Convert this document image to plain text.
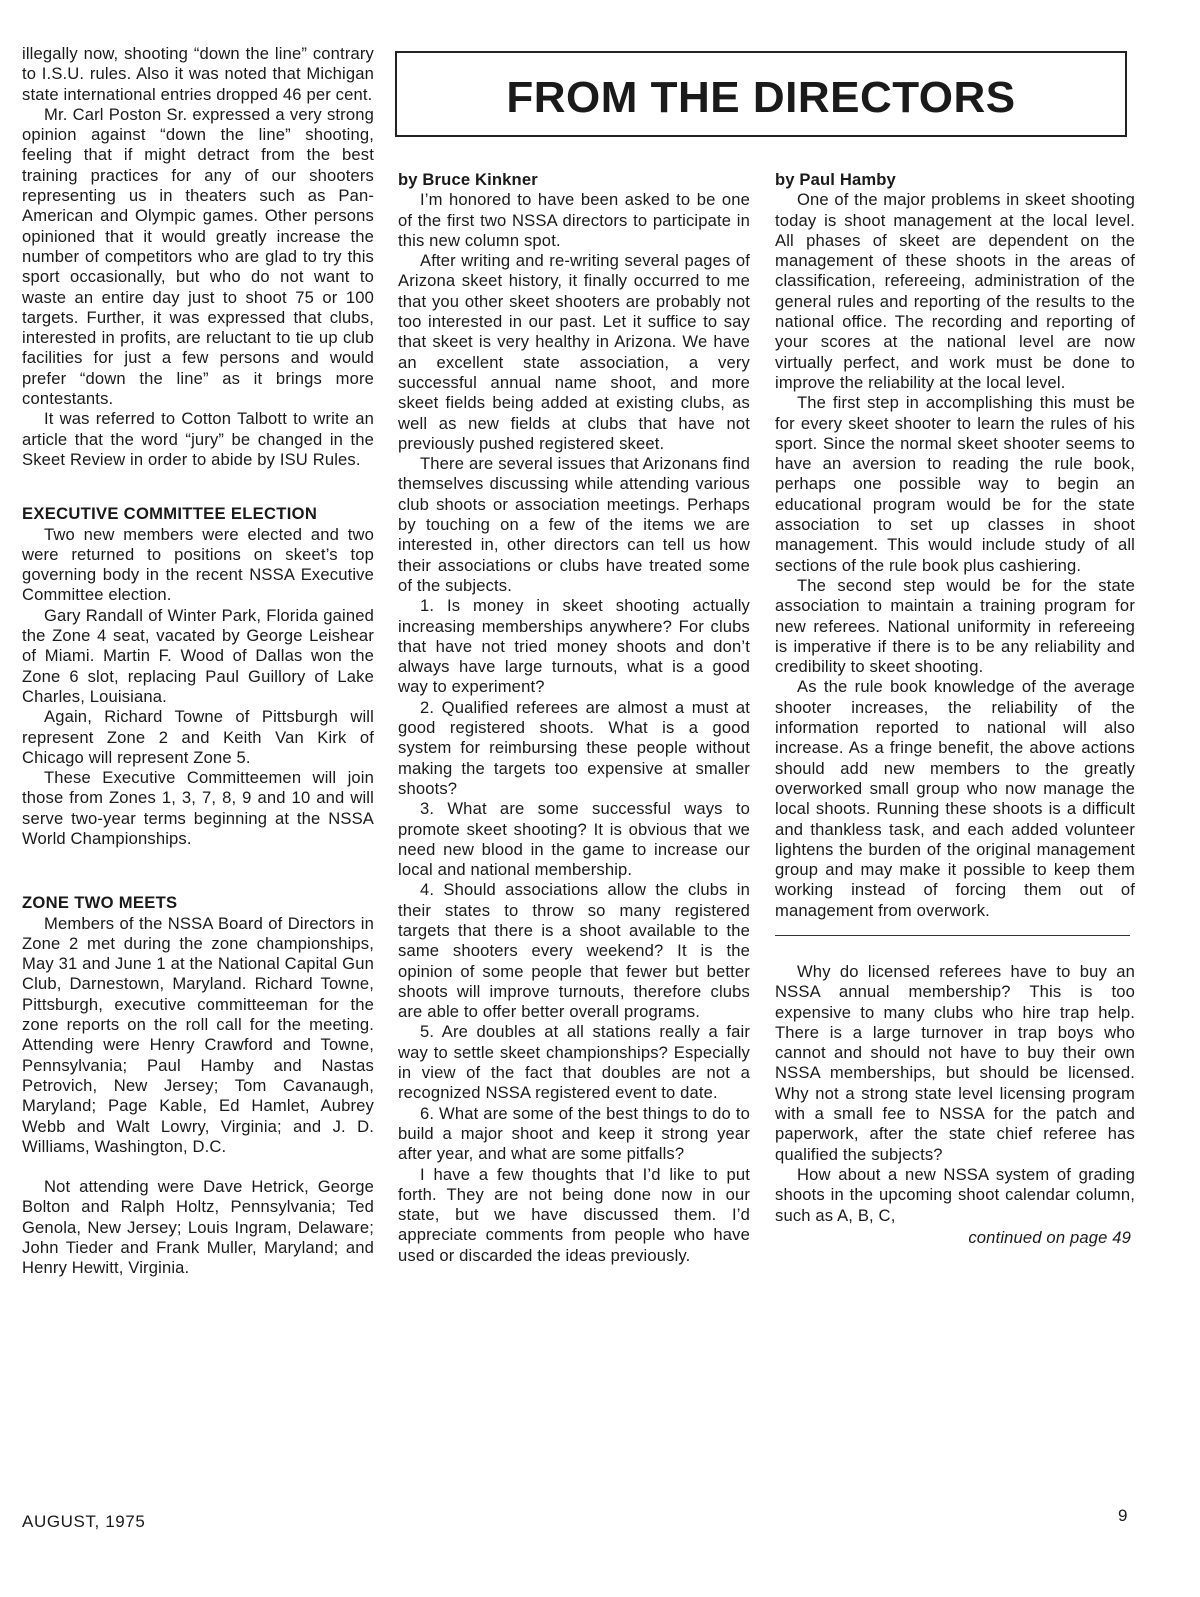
illegally now, shooting “down the line” contrary to I.S.U. rules. Also it was noted that Michigan state international entries dropped 46 per cent.

Mr. Carl Poston Sr. expressed a very strong opinion against “down the line” shooting, feeling that if might detract from the best training practices for any of our shooters representing us in theaters such as Pan-American and Olympic games. Other persons opinioned that it would greatly increase the number of competitors who are glad to try this sport occasionally, but who do not want to waste an entire day just to shoot 75 or 100 targets. Further, it was expressed that clubs, interested in profits, are reluctant to tie up club facilities for just a few persons and would prefer “down the line” as it brings more contestants.

It was referred to Cotton Talbott to write an article that the word “jury” be changed in the Skeet Review in order to abide by ISU Rules.

EXECUTIVE COMMITTEE ELECTION

Two new members were elected and two were returned to positions on skeet’s top governing body in the recent NSSA Executive Committee election.

Gary Randall of Winter Park, Florida gained the Zone 4 seat, vacated by George Leishear of Miami. Martin F. Wood of Dallas won the Zone 6 slot, replacing Paul Guillory of Lake Charles, Louisiana.

Again, Richard Towne of Pittsburgh will represent Zone 2 and Keith Van Kirk of Chicago will represent Zone 5.

These Executive Committeemen will join those from Zones 1, 3, 7, 8, 9 and 10 and will serve two-year terms beginning at the NSSA World Championships.

ZONE TWO MEETS

Members of the NSSA Board of Directors in Zone 2 met during the zone championships, May 31 and June 1 at the National Capital Gun Club, Darnestown, Maryland. Richard Towne, Pittsburgh, executive committeeman for the zone reports on the roll call for the meeting. Attending were Henry Crawford and Towne, Pennsylvania; Paul Hamby and Nastas Petrovich, New Jersey; Tom Cavanaugh, Maryland; Page Kable, Ed Hamlet, Aubrey Webb and Walt Lowry, Virginia; and J. D. Williams, Washington, D.C.

Not attending were Dave Hetrick, George Bolton and Ralph Holtz, Pennsylvania; Ted Genola, New Jersey; Louis Ingram, Delaware; John Tieder and Frank Muller, Maryland; and Henry Hewitt, Virginia.

FROM THE DIRECTORS
by Bruce Kinkner

I’m honored to have been asked to be one of the first two NSSA directors to participate in this new column spot.

After writing and re-writing several pages of Arizona skeet history, it finally occurred to me that you other skeet shooters are probably not too interested in our past. Let it suffice to say that skeet is very healthy in Arizona. We have an excellent state association, a very successful annual name shoot, and more skeet fields being added at existing clubs, as well as new fields at clubs that have not previously pushed registered skeet.

There are several issues that Arizonans find themselves discussing while attending various club shoots or association meetings. Perhaps by touching on a few of the items we are interested in, other directors can tell us how their associations or clubs have treated some of the subjects.

1. Is money in skeet shooting actually increasing memberships anywhere? For clubs that have not tried money shoots and don’t always have large turnouts, what is a good way to experiment?

2. Qualified referees are almost a must at good registered shoots. What is a good system for reimbursing these people without making the targets too expensive at smaller shoots?

3. What are some successful ways to promote skeet shooting? It is obvious that we need new blood in the game to increase our local and national membership.

4. Should associations allow the clubs in their states to throw so many registered targets that there is a shoot available to the same shooters every weekend? It is the opinion of some people that fewer but better shoots will improve turnouts, therefore clubs are able to offer better overall programs.

5. Are doubles at all stations really a fair way to settle skeet championships? Especially in view of the fact that doubles are not a recognized NSSA registered event to date.

6. What are some of the best things to do to build a major shoot and keep it strong year after year, and what are some pitfalls?

I have a few thoughts that I’d like to put forth. They are not being done now in our state, but we have discussed them. I’d appreciate comments from people who have used or discarded the ideas previously.

by Paul Hamby

One of the major problems in skeet shooting today is shoot management at the local level. All phases of skeet are dependent on the management of these shoots in the areas of classification, refereeing, administration of the general rules and reporting of the results to the national office. The recording and reporting of your scores at the national level are now virtually perfect, and work must be done to improve the reliability at the local level.

The first step in accomplishing this must be for every skeet shooter to learn the rules of his sport. Since the normal skeet shooter seems to have an aversion to reading the rule book, perhaps one possible way to begin an educational program would be for the state association to set up classes in shoot management. This would include study of all sections of the rule book plus cashiering.

The second step would be for the state association to maintain a training program for new referees. National uniformity in refereeing is imperative if there is to be any reliability and credibility to skeet shooting.

As the rule book knowledge of the average shooter increases, the reliability of the information reported to national will also increase. As a fringe benefit, the above actions should add new members to the greatly overworked small group who now manage the local shoots. Running these shoots is a difficult and thankless task, and each added volunteer lightens the burden of the original management group and may make it possible to keep them working instead of forcing them out of management from overwork.

Why do licensed referees have to buy an NSSA annual membership? This is too expensive to many clubs who hire trap help. There is a large turnover in trap boys who cannot and should not have to buy their own NSSA memberships, but should be licensed. Why not a strong state level licensing program with a small fee to NSSA for the patch and paperwork, after the state chief referee has qualified the subjects?

How about a new NSSA system of grading shoots in the upcoming shoot calendar column, such as A, B, C,

continued on page 49

AUGUST, 1975	9
